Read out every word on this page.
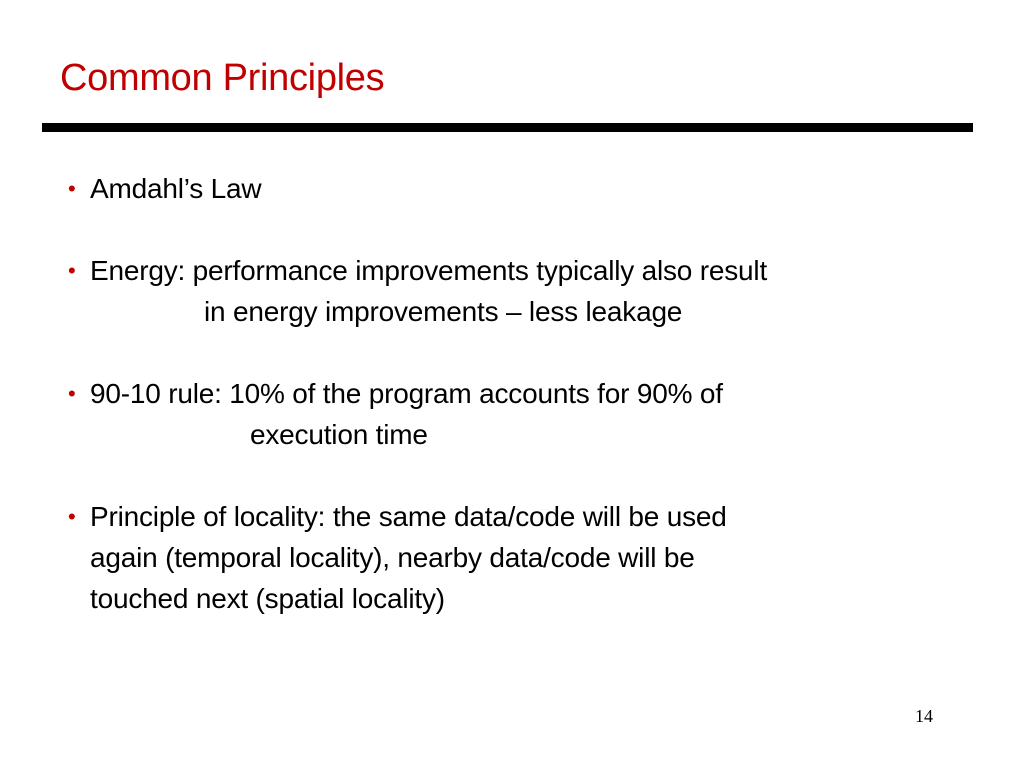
Common Principles
• Amdahl’s Law
• Energy: performance improvements typically also result
in energy improvements – less leakage
• 90-10 rule: 10% of the program accounts for 90% of
execution time
• Principle of locality: the same data/code will be used
again (temporal locality), nearby data/code will be
touched next (spatial locality)
14
